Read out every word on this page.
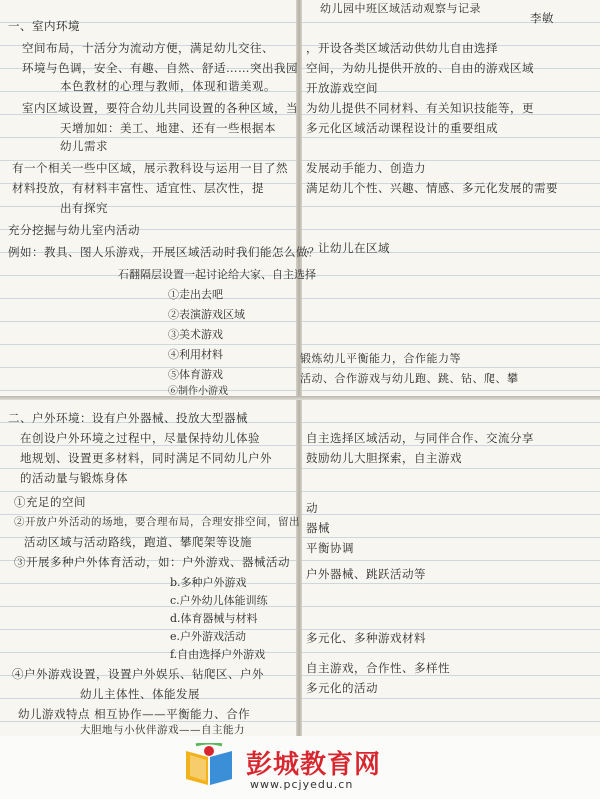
幼儿园中班区域活动观察与记录
李敏
一、室内环境
空间布局，十活分为流动方便，满足幼儿交往、
环境与色调，安全、有趣、自然、舒适……突出我园
本色教材的心理与教师，体现和谐美观。
室内区域设置，要符合幼儿共同设置的各种区域，当
天增加如：美工、地建、还有一些根据本
幼儿需求
有一个相关一些中区域，展示教科设与运用一目了然
材料投放，有材料丰富性、适宜性、层次性，提
出有探究
充分挖掘与幼儿室内活动
例如：教具、图人乐游戏，开展区域活动时我们能怎么做？
石翻隔层设置一起讨论给大家、自主选择
①走出去吧
②表演游戏区域
③美术游戏
④利用材料
⑤体育游戏
⑥制作小游戏
，开设各类区域活动供幼儿自由选择
空间，为幼儿提供开放的、自由的游戏区域
开放游戏空间
为幼儿提供不同材料、有关知识技能等，更
多元化区域活动课程设计的重要组成
发展动手能力、创造力
满足幼儿个性、兴趣、情感、多元化发展的需要
，让幼儿在区域
锻炼幼儿平衡能力，合作能力等
活动、合作游戏与幼儿跑、跳、钻、爬、攀
二、户外环境：设有户外器械、投放大型器械
在创设户外环境之过程中，尽量保持幼儿体验
地规划、设置更多材料，同时满足不同幼儿户外
的活动量与锻炼身体
①充足的空间
②开放户外活动的场地，要合理布局，合理安排空间，留出
活动区域与活动路线，跑道、攀爬架等设施
③开展多种户外体育活动，如：户外游戏、器械活动
b.多种户外游戏
c.户外幼儿体能训练
d.体育器械与材料
e.户外游戏活动
f.自由选择户外游戏
④户外游戏设置，设置户外娱乐、钻爬区、户外
幼儿主体性、体能发展
幼儿游戏特点 相互协作——平衡能力、合作
大胆地与小伙伴游戏——自主能力
自主选择区域活动，与同伴合作、交流分享
鼓励幼儿大胆探索，自主游戏
动
器械
平衡协调
户外器械、跳跃活动等
多元化、多种游戏材料
自主游戏，合作性、多样性
多元化的活动
彭城教育网
www.pcjyedu.cn
